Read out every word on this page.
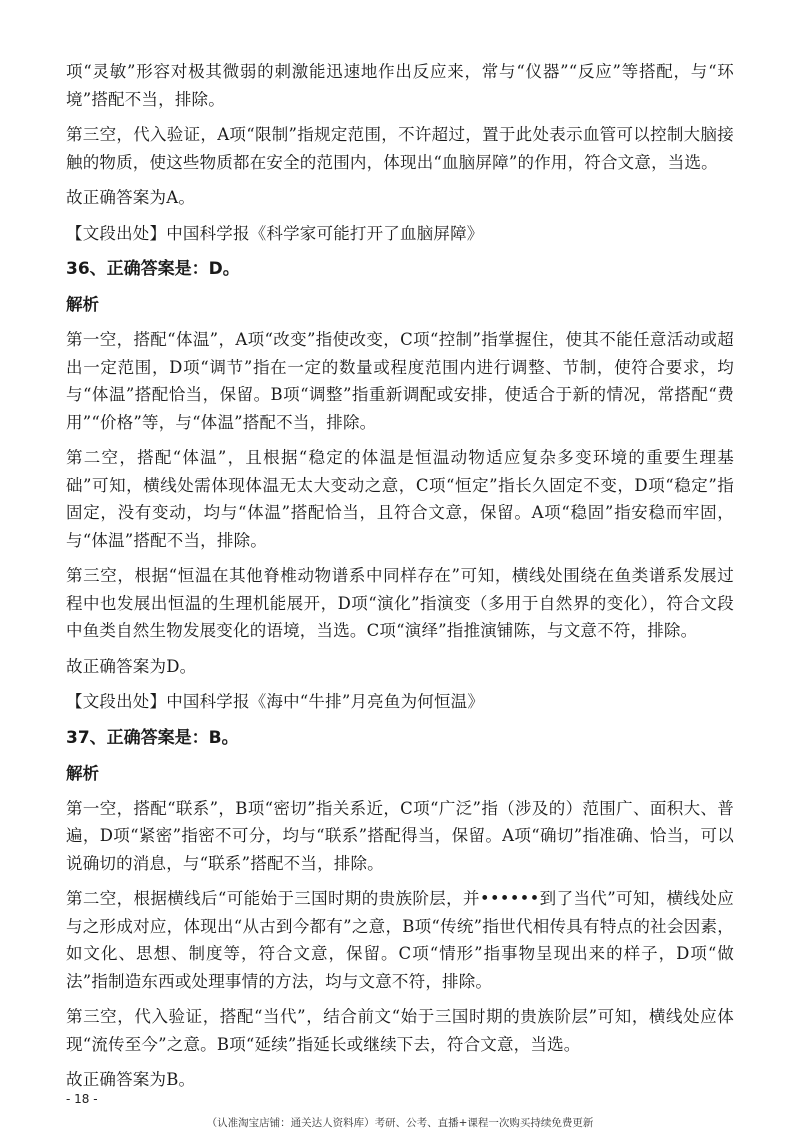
项“灵敏”形容对极其微弱的刺激能迅速地作出反应来，常与“仪器”“反应”等搭配，与“环境”搭配不当，排除。

第三空，代入验证，A项“限制”指规定范围，不许超过，置于此处表示血管可以控制大脑接触的物质，使这些物质都在安全的范围内，体现出“血脑屏障”的作用，符合文意，当选。

故正确答案为A。

【文段出处】中国科学报《科学家可能打开了血脑屏障》

36、正确答案是：D。
解析

第一空，搭配“体温”，A项“改变”指使改变，C项“控制”指掌握住，使其不能任意活动或超出一定范围，D项“调节”指在一定的数量或程度范围内进行调整、节制，使符合要求，均与“体温”搭配恰当，保留。B项“调整”指重新调配或安排，使适合于新的情况，常搭配“费用”“价格”等，与“体温”搭配不当，排除。

第二空，搭配“体温”，且根据“稳定的体温是恒温动物适应复杂多变环境的重要生理基础”可知，横线处需体现体温无太大变动之意，C项“恒定”指长久固定不变，D项“稳定”指固定，没有变动，均与“体温”搭配恰当，且符合文意，保留。A项“稳固”指安稳而牢固，与“体温”搭配不当，排除。

第三空，根据“恒温在其他脊椎动物谱系中同样存在”可知，横线处围绕在鱼类谱系发展过程中也发展出恒温的生理机能展开，D项“演化”指演变（多用于自然界的变化），符合文段中鱼类自然生物发展变化的语境，当选。C项“演绎”指推演铺陈，与文意不符，排除。

故正确答案为D。

【文段出处】中国科学报《海中“牛排”月亮鱼为何恒温》

37、正确答案是：B。
解析

第一空，搭配“联系”，B项“密切”指关系近，C项“广泛”指（涉及的）范围广、面积大、普遍，D项“紧密”指密不可分，均与“联系”搭配得当，保留。A项“确切”指准确、恰当，可以说确切的消息，与“联系”搭配不当，排除。

第二空，根据横线后“可能始于三国时期的贵族阶层，并••••••到了当代”可知，横线处应与之形成对应，体现出“从古到今都有”之意，B项“传统”指世代相传具有特点的社会因素，如文化、思想、制度等，符合文意，保留。C项“情形”指事物呈现出来的样子，D项“做法”指制造东西或处理事情的方法，均与文意不符，排除。

第三空，代入验证，搭配“当代”，结合前文“始于三国时期的贵族阶层”可知，横线处应体现“流传至今”之意。B项“延续”指延长或继续下去，符合文意，当选。

故正确答案为B。

- 18 -
（认准淘宝店铺：通关达人资料库）考研、公考、直播+课程一次购买持续免费更新
